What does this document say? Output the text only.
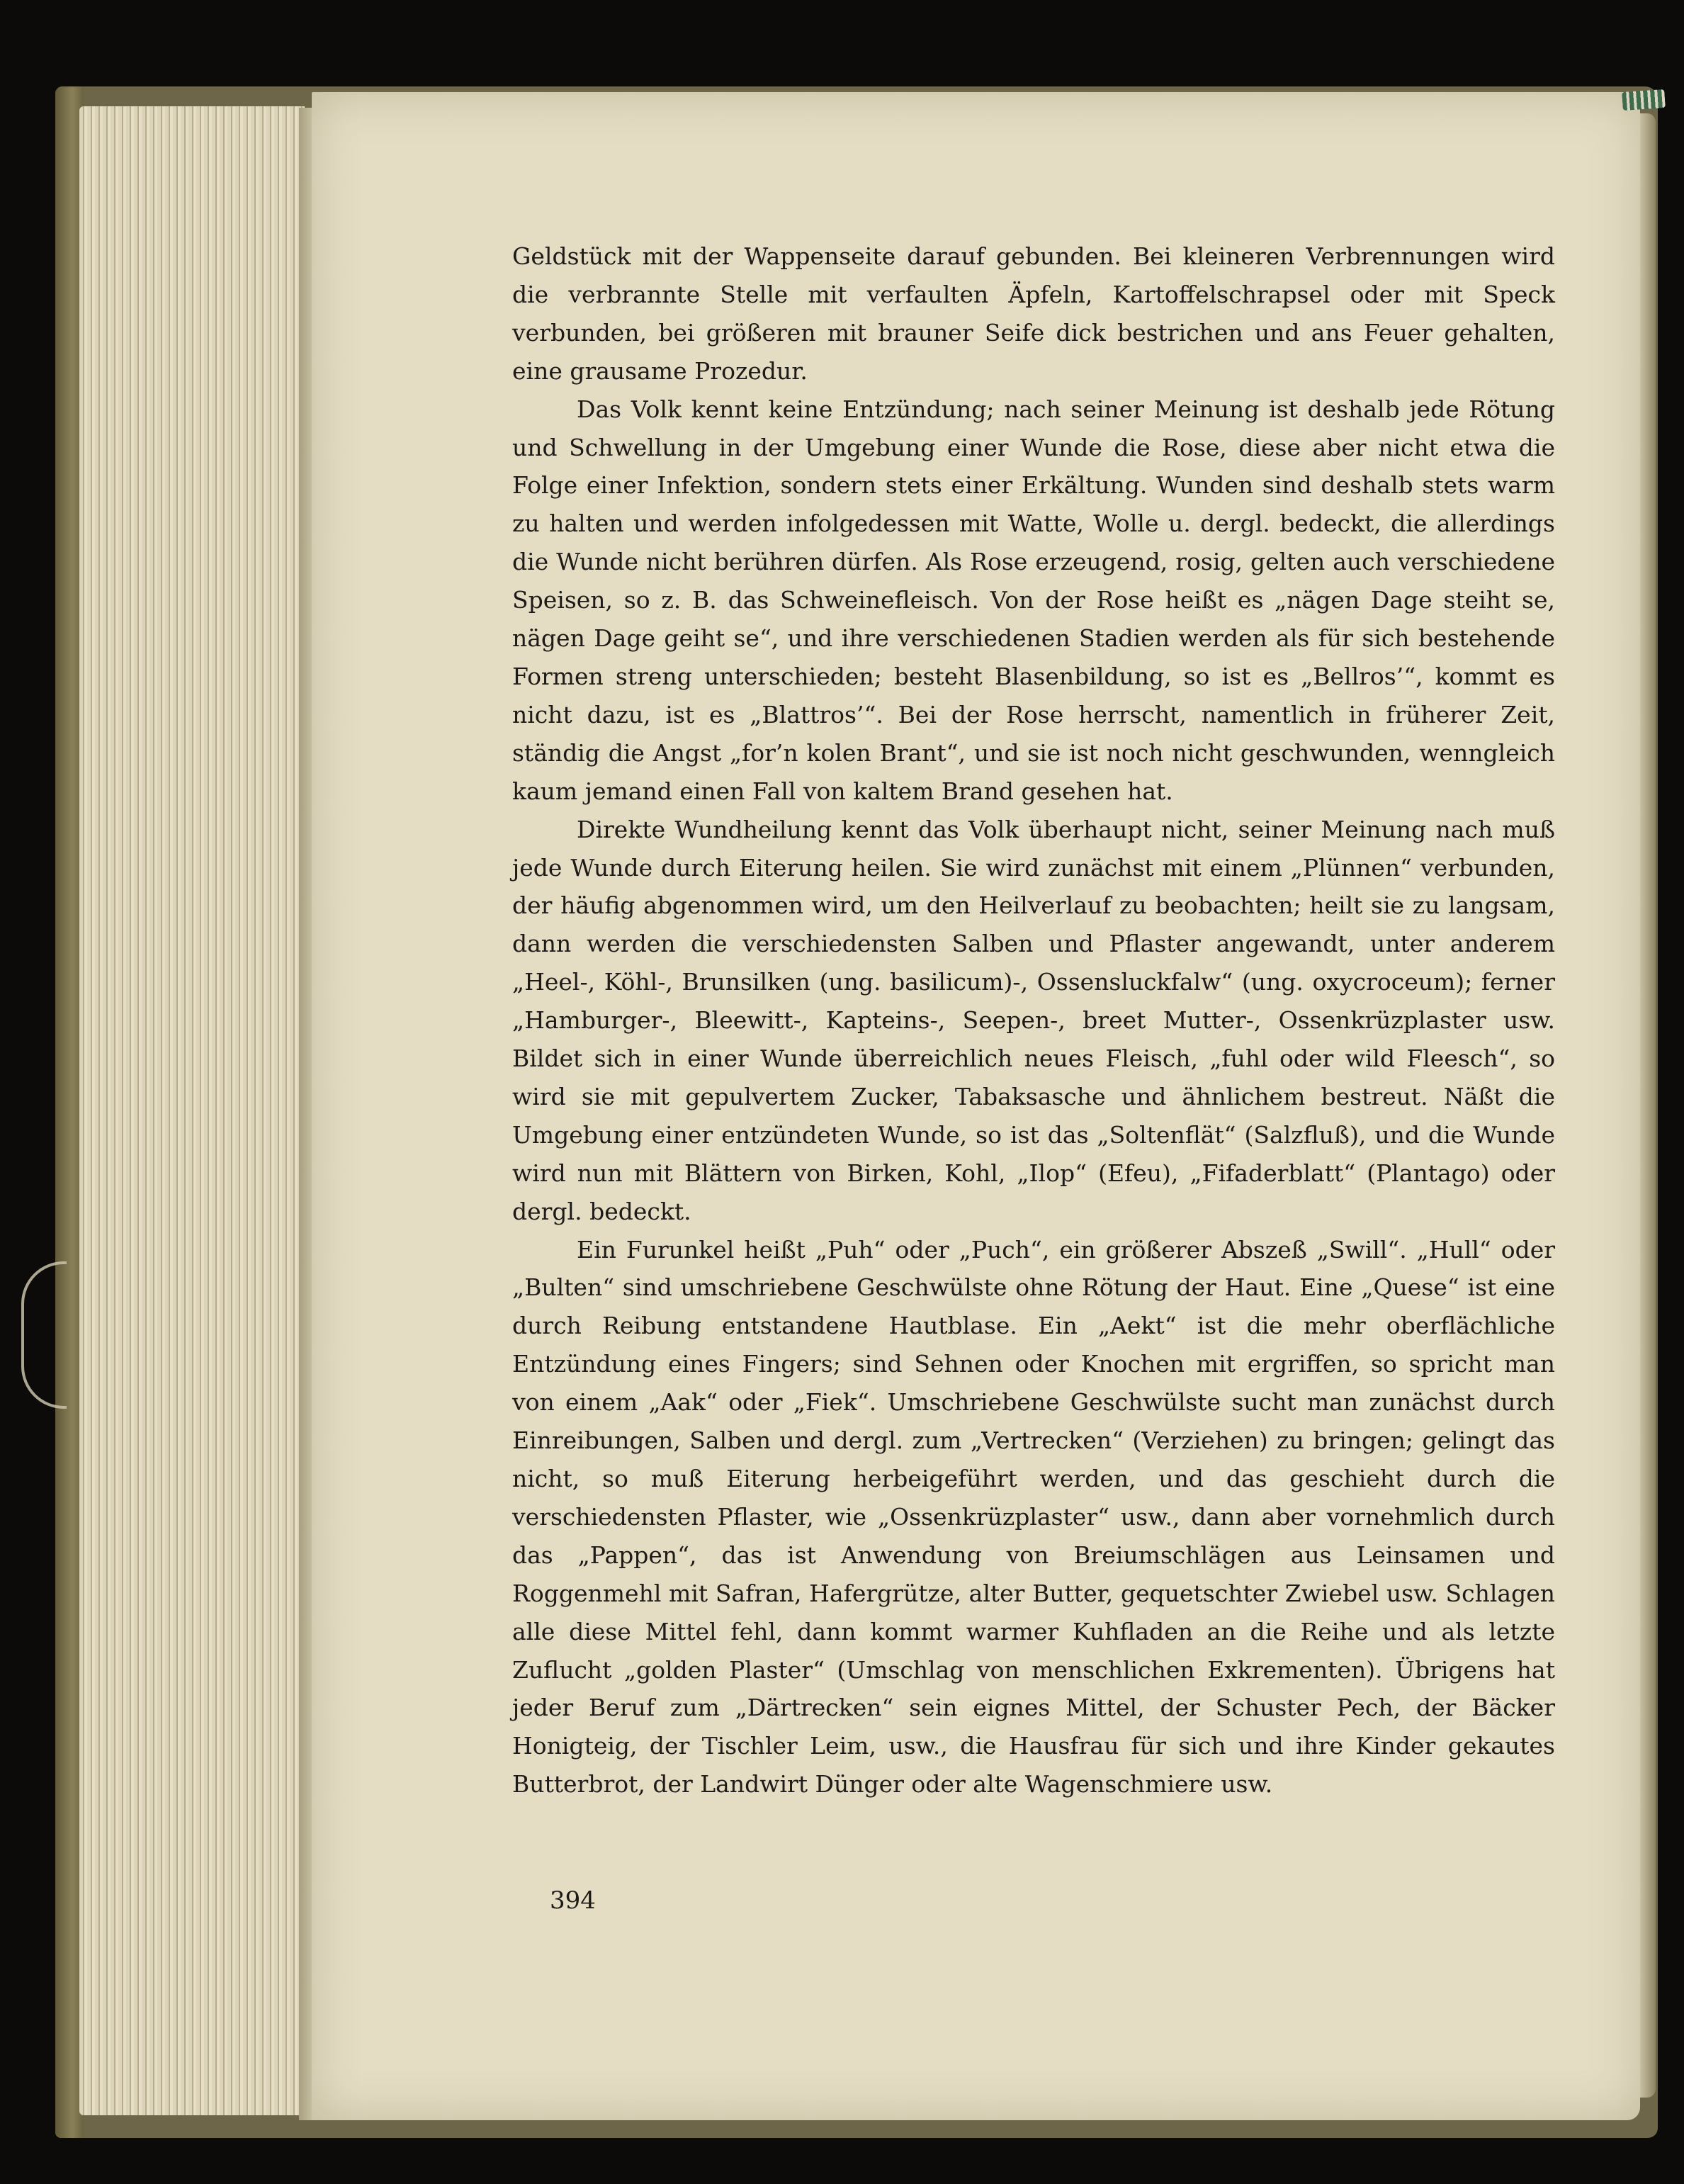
Geldstück mit der Wappenseite darauf gebunden. Bei kleineren Verbrennungen wird die verbrannte Stelle mit verfaulten Äpfeln, Kartoffelschrapsel oder mit Speck verbunden, bei größeren mit brauner Seife dick bestrichen und ans Feuer gehalten, eine grausame Prozedur.

Das Volk kennt keine Entzündung; nach seiner Meinung ist deshalb jede Rötung und Schwellung in der Umgebung einer Wunde die Rose, diese aber nicht etwa die Folge einer Infektion, sondern stets einer Erkältung. Wunden sind deshalb stets warm zu halten und werden infolgedessen mit Watte, Wolle u. dergl. bedeckt, die allerdings die Wunde nicht berühren dürfen. Als Rose erzeugend, rosig, gelten auch verschiedene Speisen, so z. B. das Schweinefleisch. Von der Rose heißt es „nägen Dage steiht se, nägen Dage geiht se“, und ihre verschiedenen Stadien werden als für sich bestehende Formen streng unterschieden; besteht Blasenbildung, so ist es „Bellros’“, kommt es nicht dazu, ist es „Blattros’“. Bei der Rose herrscht, namentlich in früherer Zeit, ständig die Angst „for’n kolen Brant“, und sie ist noch nicht geschwunden, wenngleich kaum jemand einen Fall von kaltem Brand gesehen hat.

Direkte Wundheilung kennt das Volk überhaupt nicht, seiner Meinung nach muß jede Wunde durch Eiterung heilen. Sie wird zunächst mit einem „Plünnen“ verbunden, der häufig abgenommen wird, um den Heilverlauf zu beobachten; heilt sie zu langsam, dann werden die verschiedensten Salben und Pflaster angewandt, unter anderem „Heel-, Köhl-, Brunsilken (ung. basilicum)-, Ossensluckfalw“ (ung. oxycroceum); ferner „Hamburger-, Bleewitt-, Kapteins-, Seepen-, breet Mutter-, Ossenkrüzplaster usw. Bildet sich in einer Wunde überreichlich neues Fleisch, „fuhl oder wild Fleesch“, so wird sie mit gepulvertem Zucker, Tabaksasche und ähnlichem bestreut. Näßt die Umgebung einer entzündeten Wunde, so ist das „Soltenflät“ (Salzfluß), und die Wunde wird nun mit Blättern von Birken, Kohl, „Ilop“ (Efeu), „Fifaderblatt“ (Plantago) oder dergl. bedeckt.

Ein Furunkel heißt „Puh“ oder „Puch“, ein größerer Abszeß „Swill“. „Hull“ oder „Bulten“ sind umschriebene Geschwülste ohne Rötung der Haut. Eine „Quese“ ist eine durch Reibung entstandene Hautblase. Ein „Aekt“ ist die mehr oberflächliche Entzündung eines Fingers; sind Sehnen oder Knochen mit ergriffen, so spricht man von einem „Aak“ oder „Fiek“. Umschriebene Geschwülste sucht man zunächst durch Einreibungen, Salben und dergl. zum „Vertrecken“ (Verziehen) zu bringen; gelingt das nicht, so muß Eiterung herbeigeführt werden, und das geschieht durch die verschiedensten Pflaster, wie „Ossenkrüzplaster“ usw., dann aber vornehmlich durch das „Pappen“, das ist Anwendung von Breiumschlägen aus Leinsamen und Roggenmehl mit Safran, Hafergrütze, alter Butter, gequetschter Zwiebel usw. Schlagen alle diese Mittel fehl, dann kommt warmer Kuhfladen an die Reihe und als letzte Zuflucht „golden Plaster“ (Umschlag von menschlichen Exkrementen). Übrigens hat jeder Beruf zum „Därtrecken“ sein eignes Mittel, der Schuster Pech, der Bäcker Honigteig, der Tischler Leim, usw., die Hausfrau für sich und ihre Kinder gekautes Butterbrot, der Landwirt Dünger oder alte Wagenschmiere usw.

394
